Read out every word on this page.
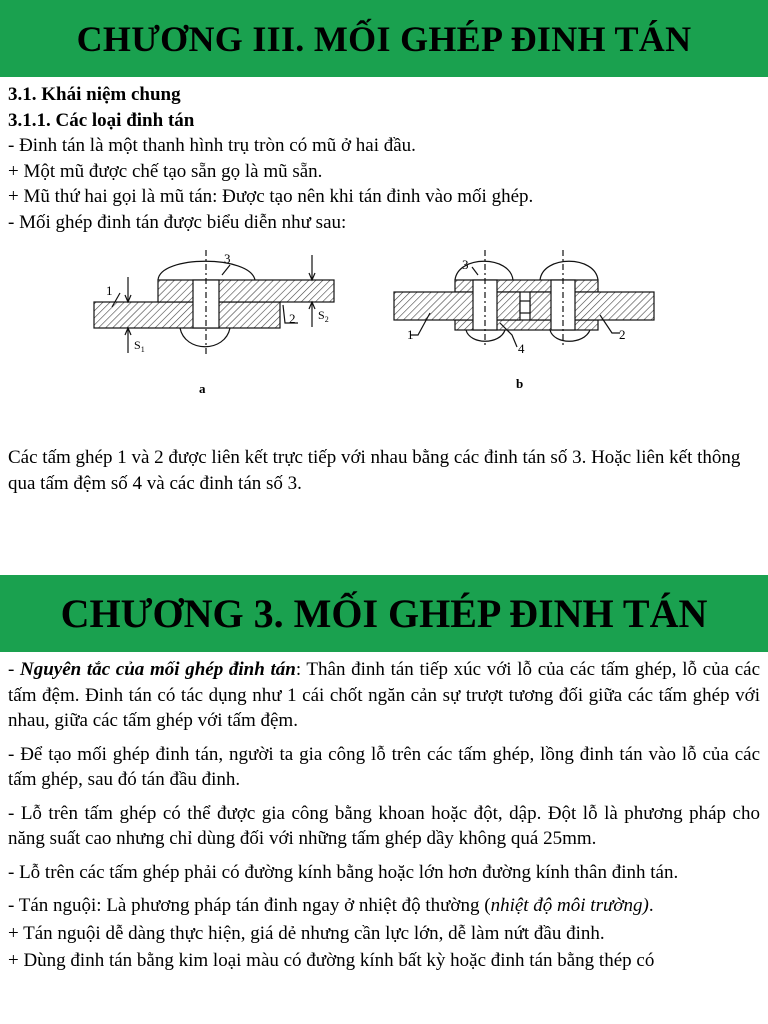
CHƯƠNG III. MỐI GHÉP ĐINH TÁN
3.1. Khái niệm chung
3.1.1. Các loại đinh tán
- Đinh tán là một thanh hình trụ tròn có mũ ở hai đầu.
+ Một mũ được chế tạo sẵn gọ là mũ sẵn.
+ Mũ thứ hai gọi là mũ tán: Được tạo nên khi tán đinh vào mối ghép.
- Mối ghép đinh tán được biểu diễn như sau:
1
2
3
$S_1$
$S_2$
a
1	2
3
4
b
Các tấm ghép 1 và 2 được liên kết trực tiếp với nhau bằng các đinh tán số 3. Hoặc liên kết thông qua tấm đệm số 4 và các đinh tán số 3.
CHƯƠNG 3. MỐI GHÉP ĐINH TÁN

- Nguyên tắc của mối ghép đinh tán: Thân đinh tán tiếp xúc với lỗ của các tấm ghép, lỗ của các tấm đệm. Đinh tán có tác dụng như 1 cái chốt ngăn cản sự trượt tương đối giữa các tấm ghép với nhau, giữa các tấm ghép với tấm đệm.

- Để tạo mối ghép đinh tán, người ta gia công lỗ trên các tấm ghép, lồng đinh tán vào lỗ của các tấm ghép, sau đó tán đầu đinh.

- Lỗ trên tấm ghép có thể được gia công bằng khoan hoặc đột, dập. Đột lỗ là phương pháp cho năng suất cao nhưng chỉ dùng đối với những tấm ghép dầy không quá 25mm.

- Lỗ trên các tấm ghép phải có đường kính bằng hoặc lớn hơn đường kính thân đinh tán.

- Tán nguội: Là phương pháp tán đinh ngay ở nhiệt độ thường (nhiệt độ môi trường).

+ Tán nguội dễ dàng thực hiện, giá dẻ nhưng cần lực lớn, dễ làm nứt đầu đinh.

+ Dùng đinh tán bằng kim loại màu có đường kính bất kỳ hoặc đinh tán bằng thép có
